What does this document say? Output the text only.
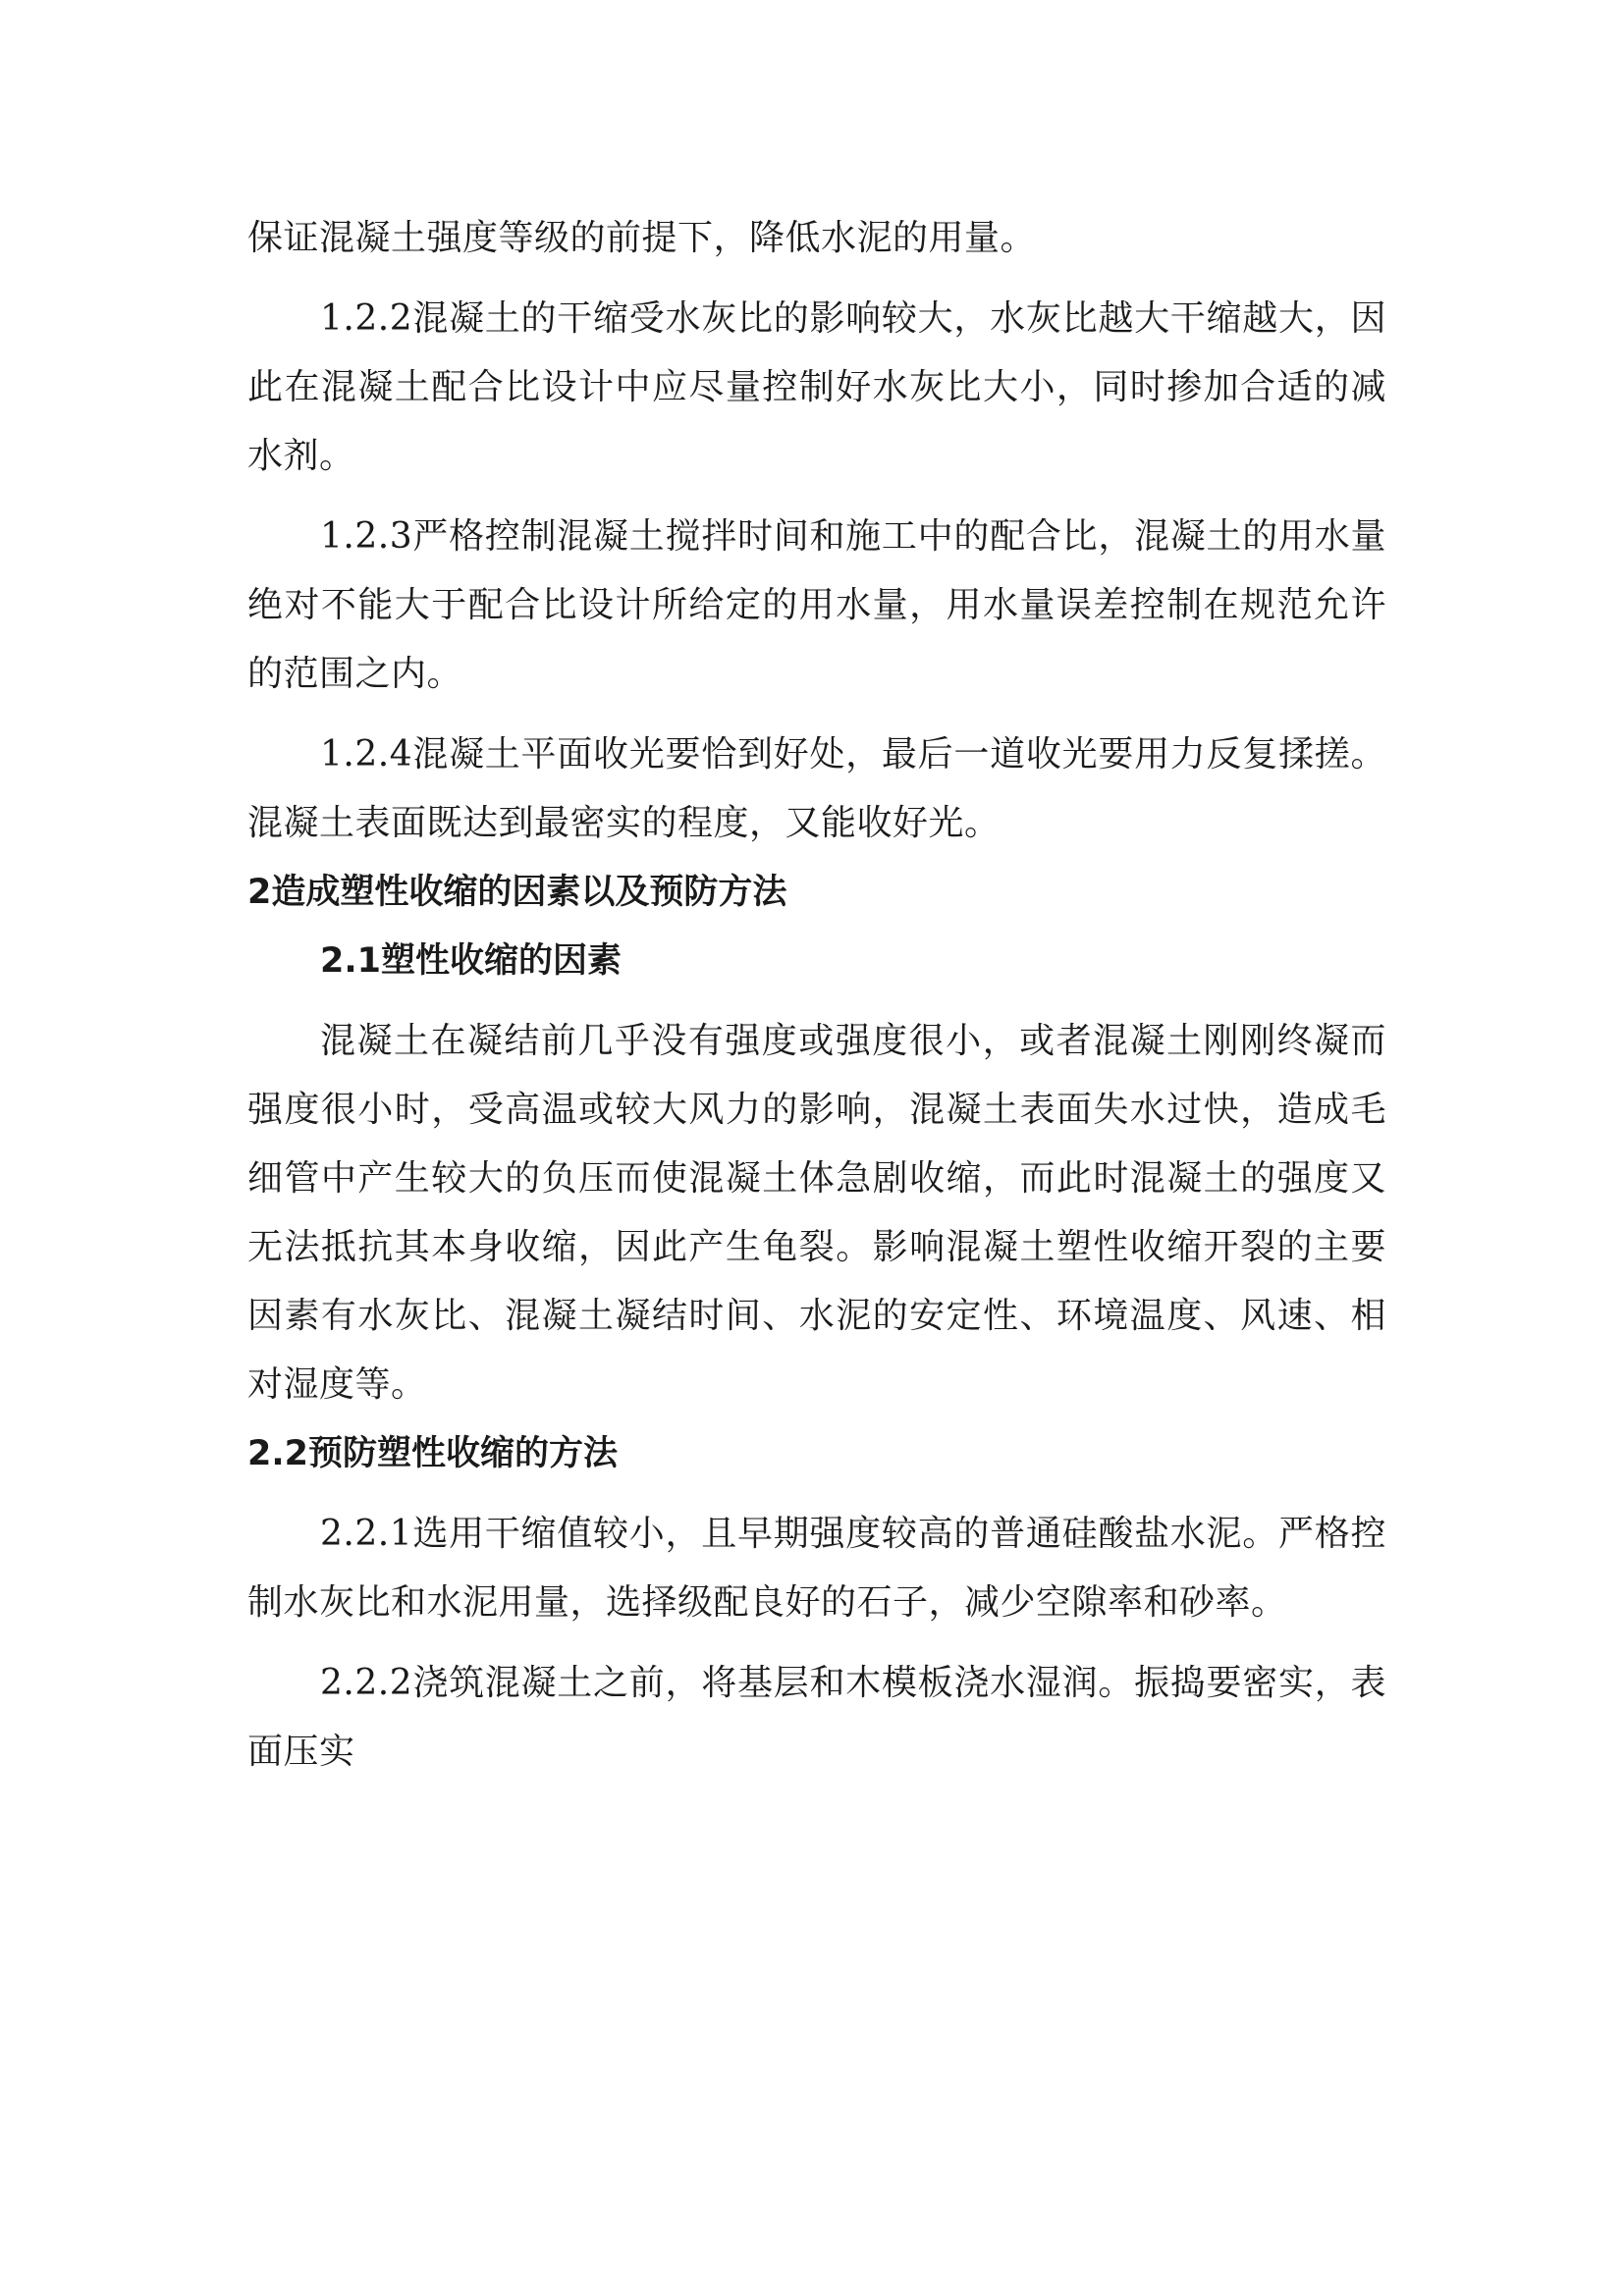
保证混凝土强度等级的前提下，降低水泥的用量。

1.2.2混凝土的干缩受水灰比的影响较大，水灰比越大干缩越大，因此在混凝土配合比设计中应尽量控制好水灰比大小，同时掺加合适的减水剂。

1.2.3严格控制混凝土搅拌时间和施工中的配合比，混凝土的用水量绝对不能大于配合比设计所给定的用水量，用水量误差控制在规范允许的范围之内。

1.2.4混凝土平面收光要恰到好处，最后一道收光要用力反复揉搓。混凝土表面既达到最密实的程度，又能收好光。

2造成塑性收缩的因素以及预防方法
2.1塑性收缩的因素

混凝土在凝结前几乎没有强度或强度很小，或者混凝土刚刚终凝而强度很小时，受高温或较大风力的影响，混凝土表面失水过快，造成毛细管中产生较大的负压而使混凝土体急剧收缩，而此时混凝土的强度又无法抵抗其本身收缩，因此产生龟裂。影响混凝土塑性收缩开裂的主要因素有水灰比、混凝土凝结时间、水泥的安定性、环境温度、风速、相对湿度等。

2.2预防塑性收缩的方法

2.2.1选用干缩值较小，且早期强度较高的普通硅酸盐水泥。严格控制水灰比和水泥用量，选择级配良好的石子，减少空隙率和砂率。

2.2.2浇筑混凝土之前，将基层和木模板浇水湿润。振捣要密实，表面压实
